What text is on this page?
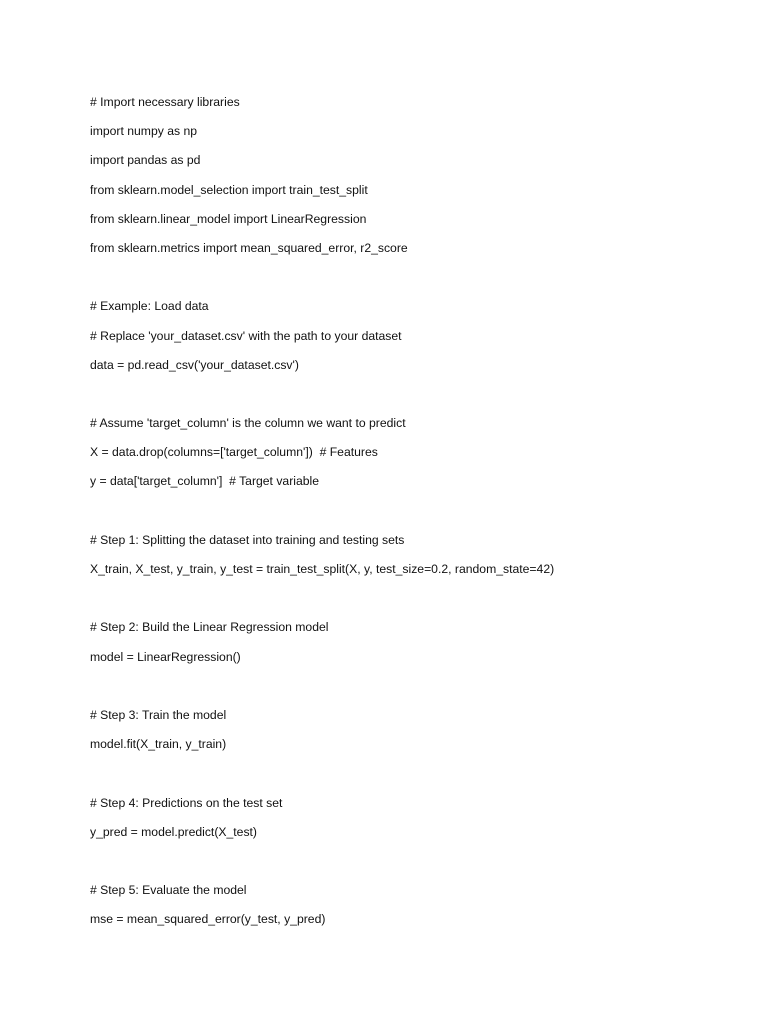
# Import necessary libraries
import numpy as np
import pandas as pd
from sklearn.model_selection import train_test_split
from sklearn.linear_model import LinearRegression
from sklearn.metrics import mean_squared_error, r2_score
# Example: Load data
# Replace 'your_dataset.csv' with the path to your dataset
data = pd.read_csv('your_dataset.csv')
# Assume 'target_column' is the column we want to predict
X = data.drop(columns=['target_column'])  # Features
y = data['target_column']  # Target variable
# Step 1: Splitting the dataset into training and testing sets
X_train, X_test, y_train, y_test = train_test_split(X, y, test_size=0.2, random_state=42)
# Step 2: Build the Linear Regression model
model = LinearRegression()
# Step 3: Train the model
model.fit(X_train, y_train)
# Step 4: Predictions on the test set
y_pred = model.predict(X_test)
# Step 5: Evaluate the model
mse = mean_squared_error(y_test, y_pred)
